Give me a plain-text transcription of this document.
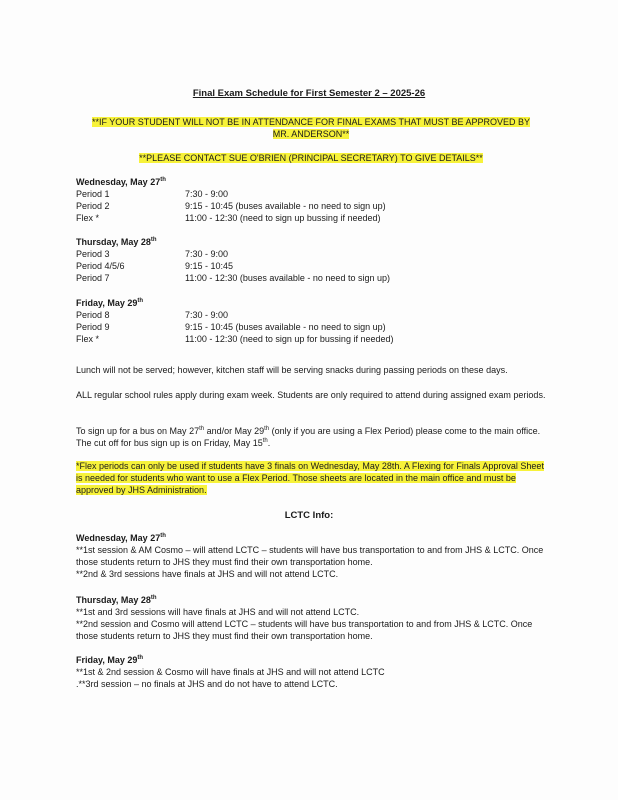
Final Exam Schedule for First Semester 2 – 2025-26
**IF YOUR STUDENT WILL NOT BE IN ATTENDANCE FOR FINAL EXAMS THAT MUST BE APPROVED BY
MR. ANDERSON**
**PLEASE CONTACT SUE O'BRIEN (PRINCIPAL SECRETARY) TO GIVE DETAILS**
Wednesday, May 27th
Period 1	7:30 - 9:00
Period 2	9:15 - 10:45 (buses available - no need to sign up)
Flex *	11:00 - 12:30 (need to sign up bussing if needed)
Thursday, May 28th
Period 3	7:30 - 9:00
Period 4/5/6	9:15 - 10:45
Period 7	11:00 - 12:30 (buses available - no need to sign up)
Friday, May 29th
Period 8	7:30 - 9:00
Period 9	9:15 - 10:45 (buses available - no need to sign up)
Flex *	11:00 - 12:30 (need to sign up for bussing if needed)
Lunch will not be served; however, kitchen staff will be serving snacks during passing periods on these days.
ALL regular school rules apply during exam week. Students are only required to attend during assigned exam periods.
To sign up for a bus on May 27th and/or May 29th (only if you are using a Flex Period) please come to the main office. The cut off for bus sign up is on Friday, May 15th.
*Flex periods can only be used if students have 3 finals on Wednesday, May 28th. A Flexing for Finals Approval Sheet is needed for students who want to use a Flex Period. Those sheets are located in the main office and must be approved by JHS Administration.
LCTC Info:
Wednesday, May 27th
**1st session & AM Cosmo – will attend LCTC – students will have bus transportation to and from JHS & LCTC. Once those students return to JHS they must find their own transportation home.
**2nd & 3rd sessions have finals at JHS and will not attend LCTC.
Thursday, May 28th
**1st and 3rd sessions will have finals at JHS and will not attend LCTC.
**2nd session and Cosmo will attend LCTC – students will have bus transportation to and from JHS & LCTC. Once those students return to JHS they must find their own transportation home.
Friday, May 29th
**1st & 2nd session & Cosmo will have finals at JHS and will not attend LCTC
.**3rd session – no finals at JHS and do not have to attend LCTC.
